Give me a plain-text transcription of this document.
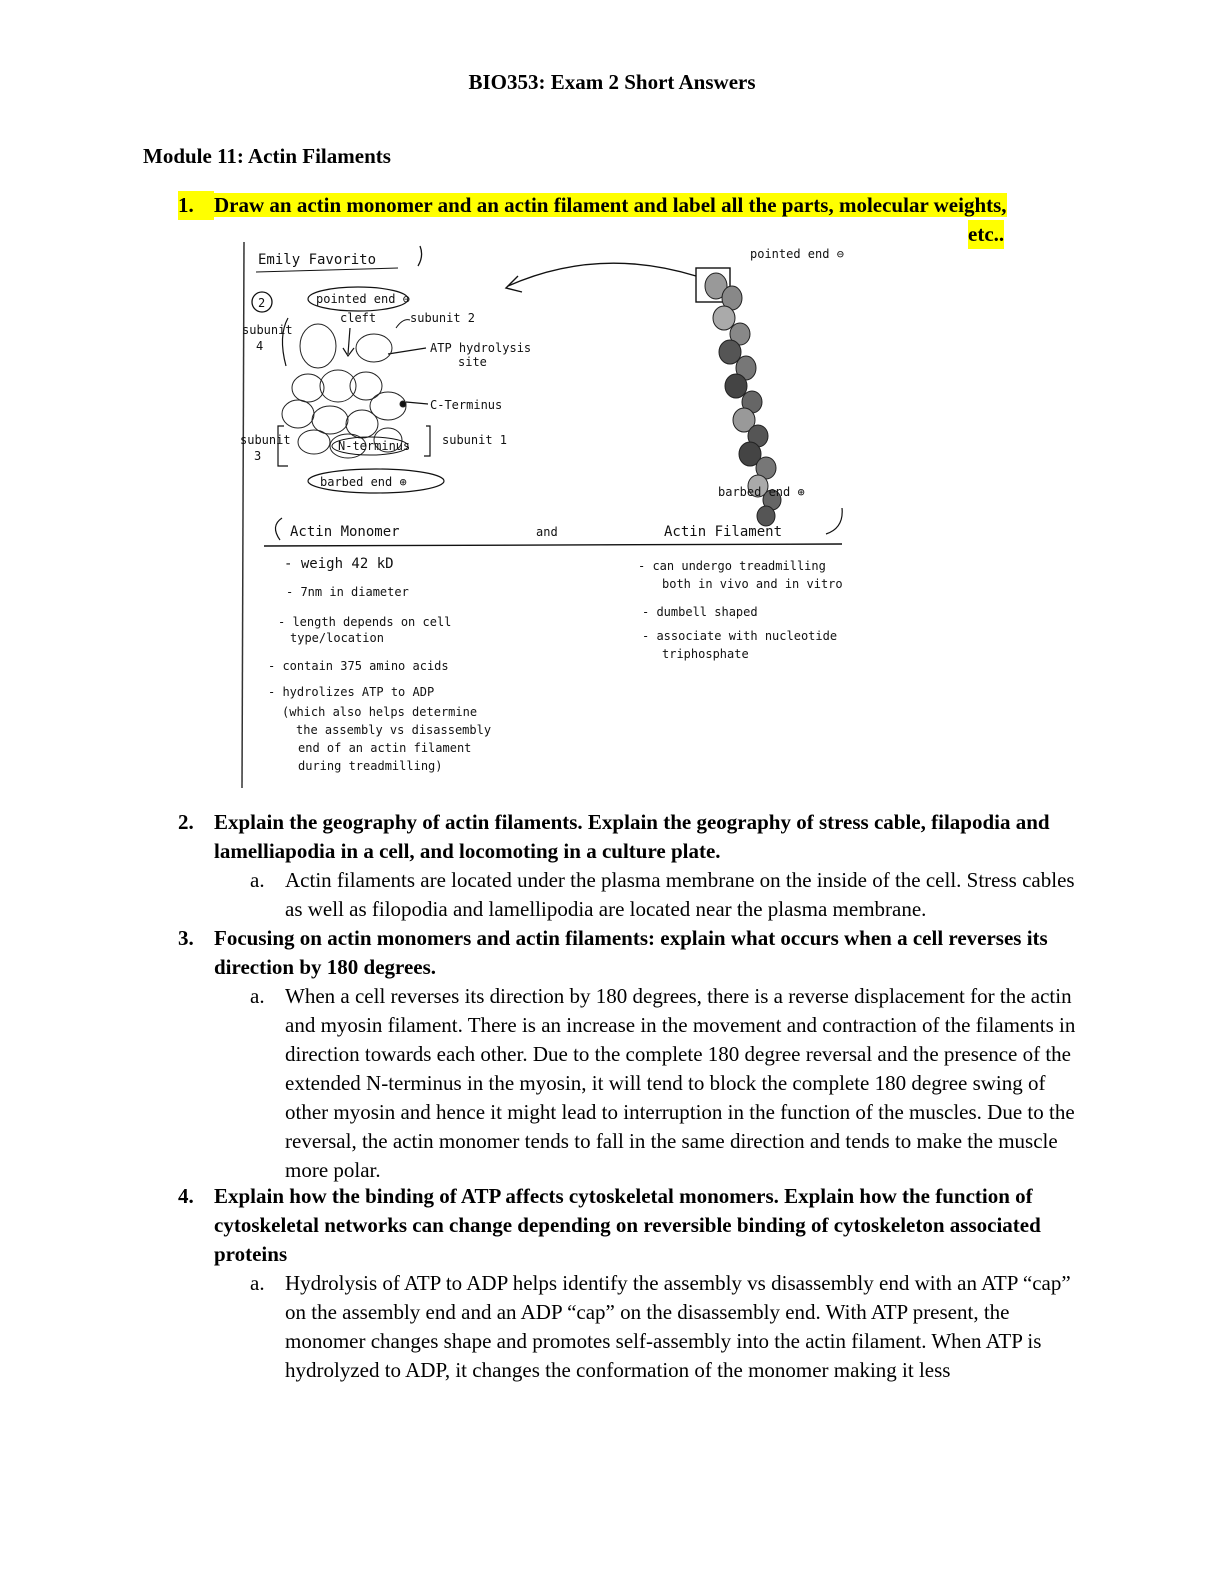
BIO353: Exam 2 Short Answers
Module 11: Actin Filaments
1. Draw an actin monomer and an actin filament and label all the parts, molecular weights,
etc..
Emily Favorito
2	pointed end ⊖
cleft	subunit 2
subunit
4	ATP hydrolysis
site
C-Terminus
N-terminus	subunit 1
subunit
3
barbed end ⊕
pointed end ⊖
barbed end ⊕
Actin Monomer	and	Actin Filament
- weigh 42 kD
- 7nm in diameter
- length depends on cell
type/location
- contain 375 amino acids
- hydrolizes ATP to ADP
(which also helps determine
the assembly vs disassembly
end of an actin filament
during treadmilling)
- can undergo treadmilling
both in vivo and in vitro
- dumbell shaped
- associate with nucleotide
triphosphate
2. Explain the geography of actin filaments. Explain the geography of stress cable, filapodia and lamelliapodia in a cell, and locomoting in a culture plate.
a. Actin filaments are located under the plasma membrane on the inside of the cell. Stress cables as well as filopodia and lamellipodia are located near the plasma membrane.
3. Focusing on actin monomers and actin filaments: explain what occurs when a cell reverses its direction by 180 degrees.
a. When a cell reverses its direction by 180 degrees, there is a reverse displacement for the actin and myosin filament. There is an increase in the movement and contraction of the filaments in direction towards each other. Due to the complete 180 degree reversal and the presence of the extended N-terminus in the myosin, it will tend to block the complete 180 degree swing of other myosin and hence it might lead to interruption in the function of the muscles. Due to the reversal, the actin monomer tends to fall in the same direction and tends to make the muscle more polar.
4. Explain how the binding of ATP affects cytoskeletal monomers. Explain how the function of cytoskeletal networks can change depending on reversible binding of cytoskeleton associated proteins
a. Hydrolysis of ATP to ADP helps identify the assembly vs disassembly end with an ATP “cap” on the assembly end and an ADP “cap” on the disassembly end. With ATP present, the monomer changes shape and promotes self-assembly into the actin filament. When ATP is hydrolyzed to ADP, it changes the conformation of the monomer making it less
